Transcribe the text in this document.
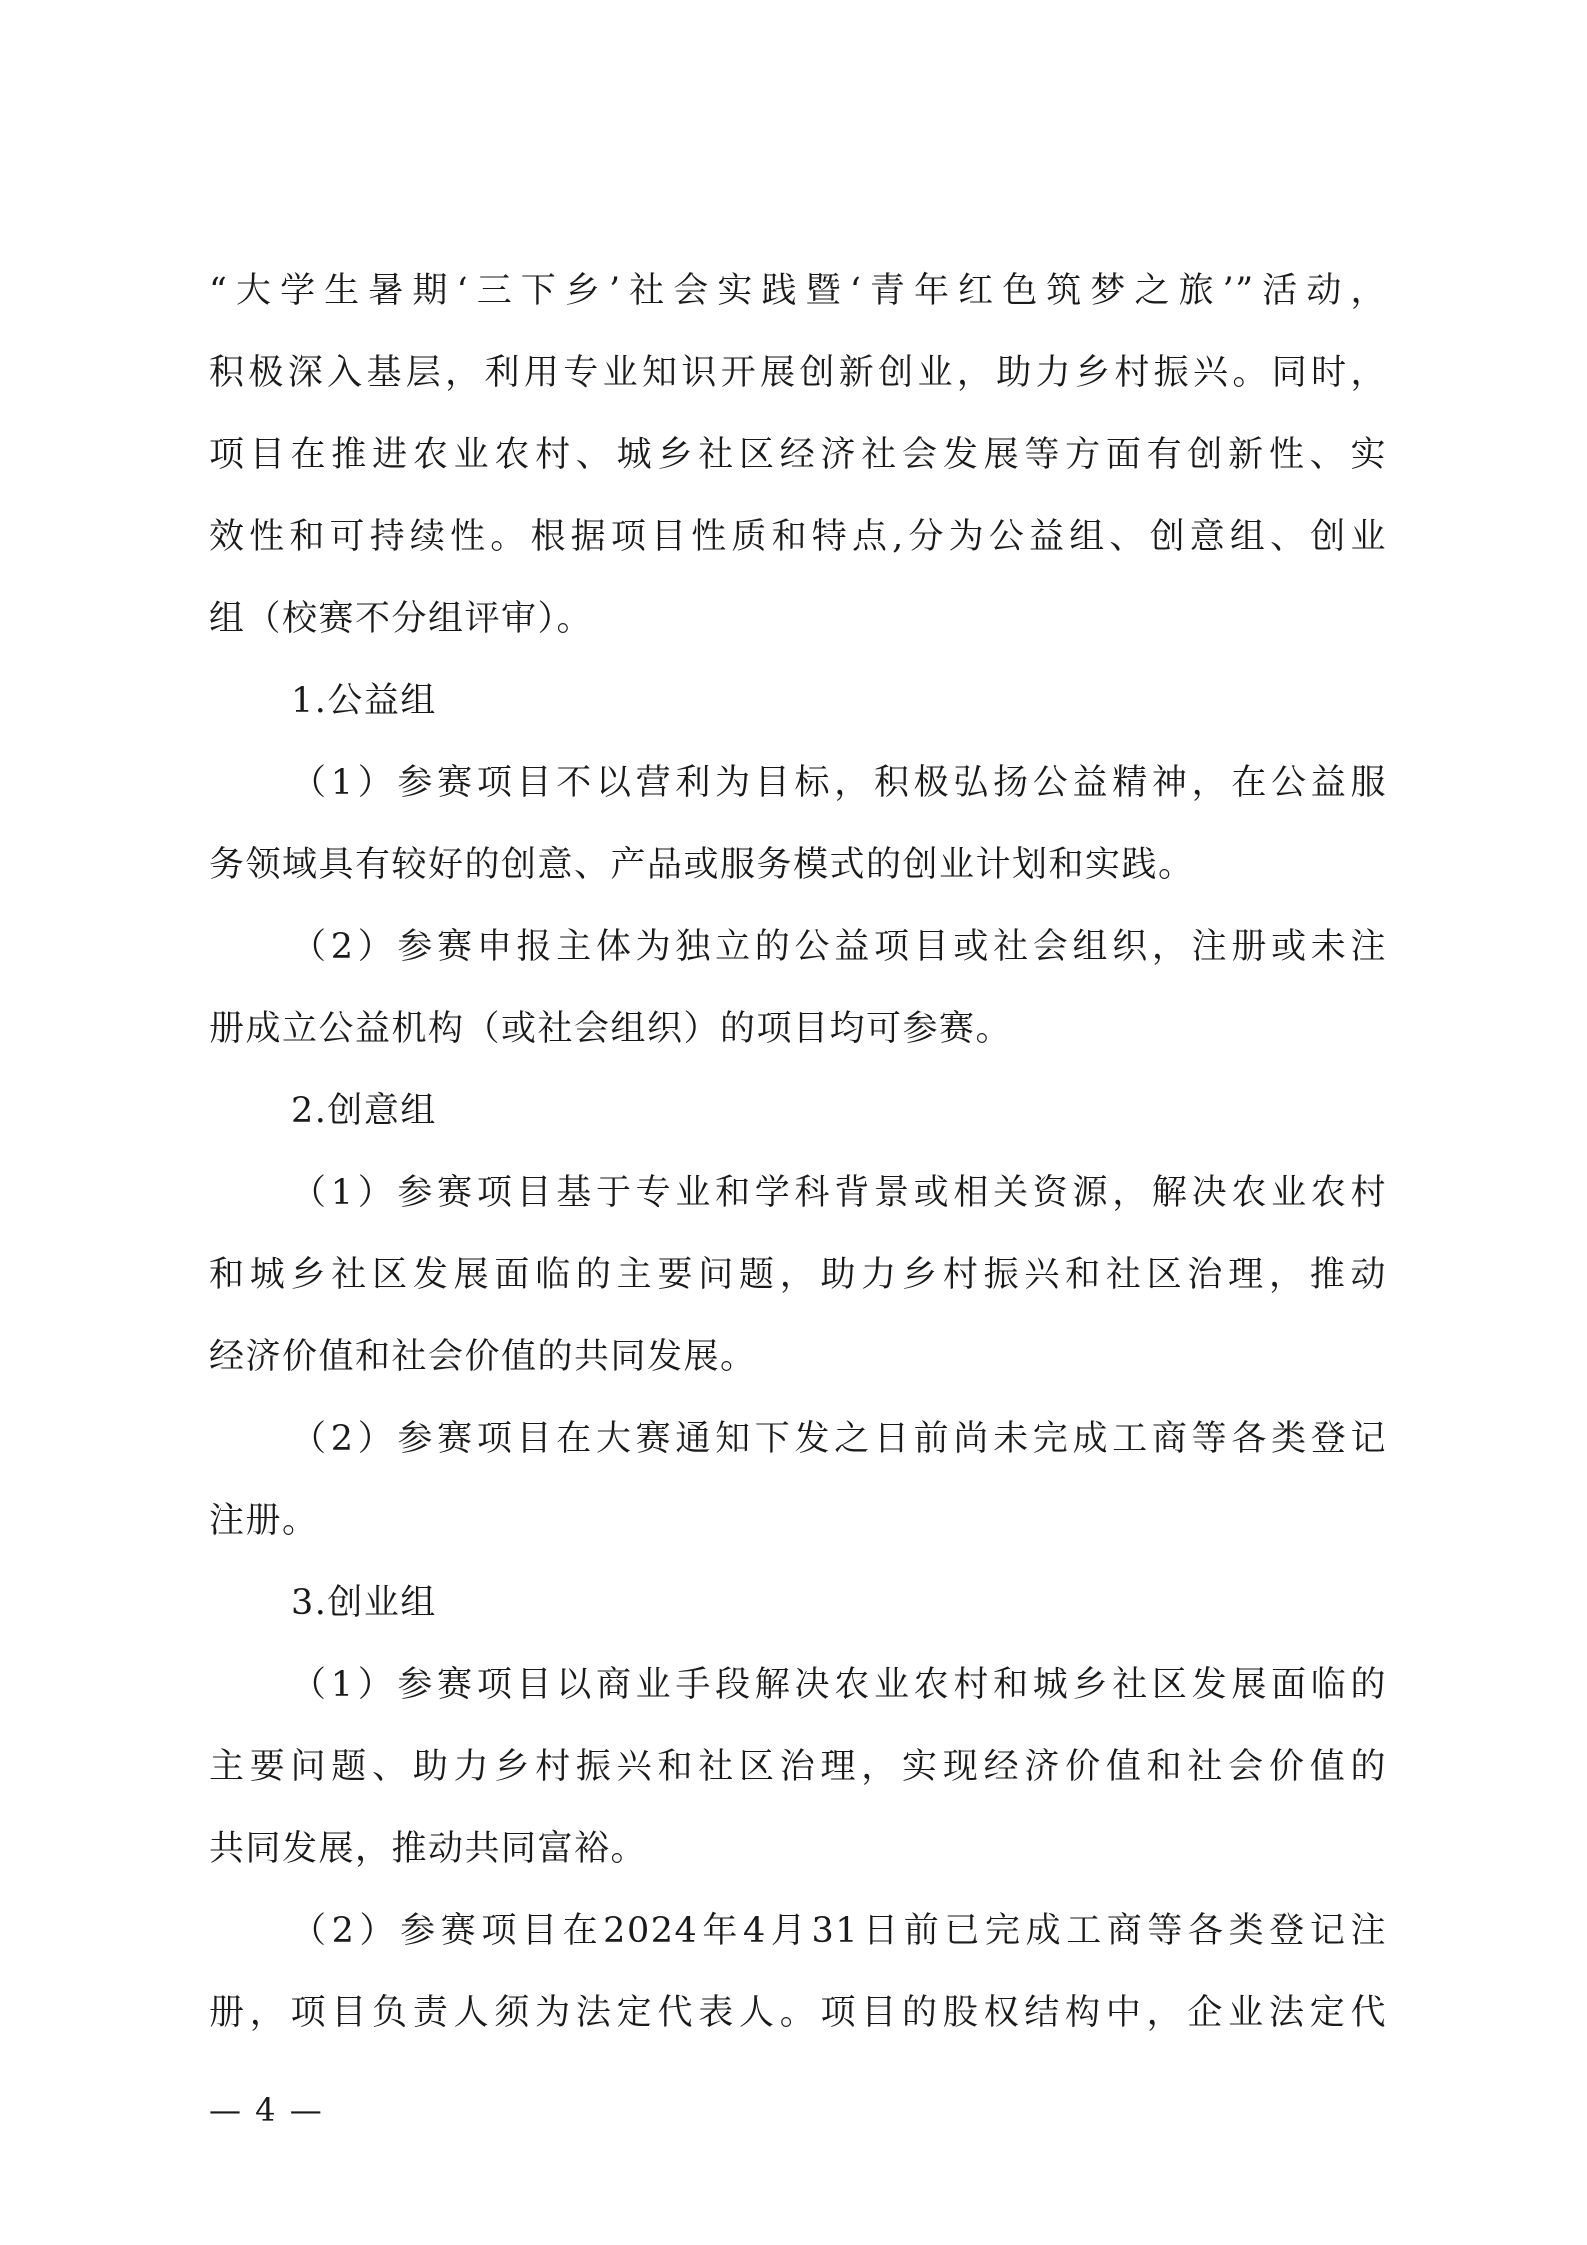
“大学生暑期‘三下乡’社会实践暨‘青年红色筑梦之旅’”活动，
积极深入基层，利用专业知识开展创新创业，助力乡村振兴。同时，
项目在推进农业农村、城乡社区经济社会发展等方面有创新性、实
效性和可持续性。根据项目性质和特点,分为公益组、创意组、创业
组（校赛不分组评审）。
1.公益组
（1）参赛项目不以营利为目标，积极弘扬公益精神，在公益服
务领域具有较好的创意、产品或服务模式的创业计划和实践。
（2）参赛申报主体为独立的公益项目或社会组织，注册或未注
册成立公益机构（或社会组织）的项目均可参赛。
2.创意组
（1）参赛项目基于专业和学科背景或相关资源，解决农业农村
和城乡社区发展面临的主要问题，助力乡村振兴和社区治理，推动
经济价值和社会价值的共同发展。
（2）参赛项目在大赛通知下发之日前尚未完成工商等各类登记
注册。
3.创业组
（1）参赛项目以商业手段解决农业农村和城乡社区发展面临的
主要问题、助力乡村振兴和社区治理，实现经济价值和社会价值的
共同发展，推动共同富裕。
（2）参赛项目在2024年4月31日前已完成工商等各类登记注
册，项目负责人须为法定代表人。项目的股权结构中，企业法定代
— 4 —
